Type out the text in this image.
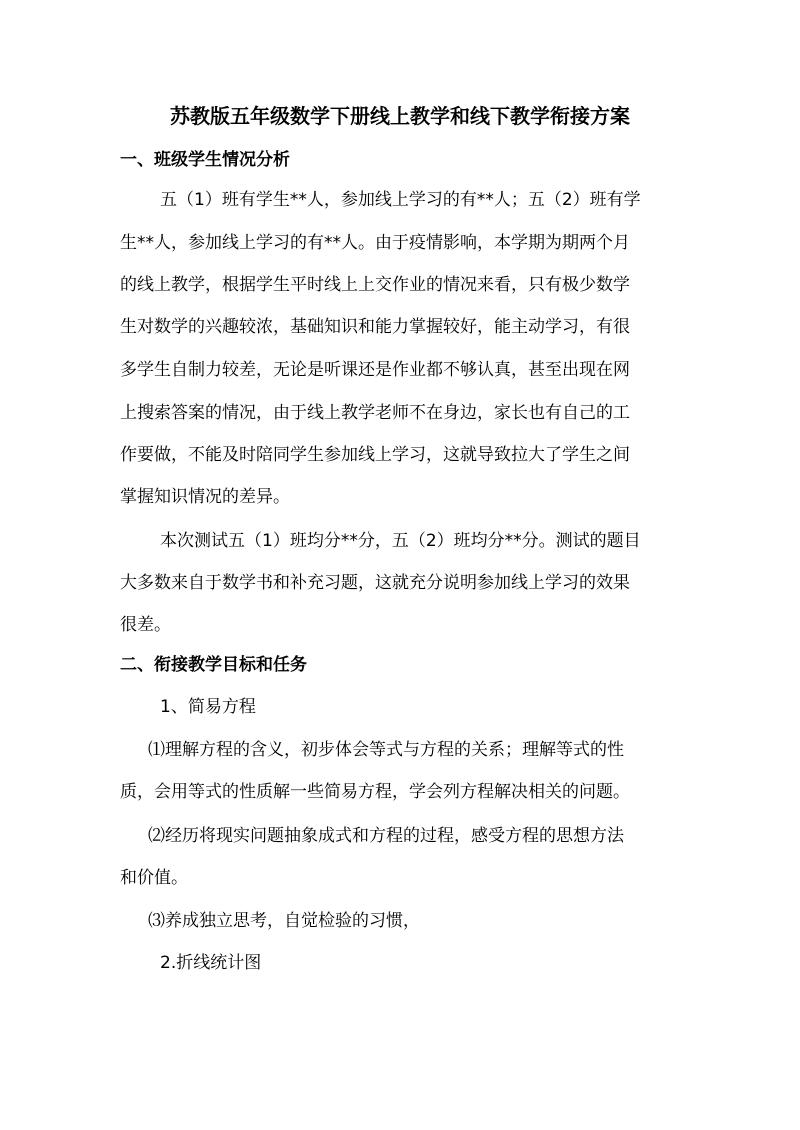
苏教版五年级数学下册线上教学和线下教学衔接方案
一、班级学生情况分析
五（1）班有学生**人，参加线上学习的有**人；五（2）班有学
生**人，参加线上学习的有**人。由于疫情影响，本学期为期两个月
的线上教学，根据学生平时线上上交作业的情况来看，只有极少数学
生对数学的兴趣较浓，基础知识和能力掌握较好，能主动学习，有很
多学生自制力较差，无论是听课还是作业都不够认真，甚至出现在网
上搜索答案的情况，由于线上教学老师不在身边，家长也有自己的工
作要做，不能及时陪同学生参加线上学习，这就导致拉大了学生之间
掌握知识情况的差异。
本次测试五（1）班均分**分，五（2）班均分**分。测试的题目
大多数来自于数学书和补充习题，这就充分说明参加线上学习的效果
很差。
二、衔接教学目标和任务
1、简易方程
⑴理解方程的含义，初步体会等式与方程的关系；理解等式的性
质，会用等式的性质解一些简易方程，学会列方程解决相关的问题。
⑵经历将现实问题抽象成式和方程的过程，感受方程的思想方法
和价值。
⑶养成独立思考，自觉检验的习惯，
2.折线统计图
